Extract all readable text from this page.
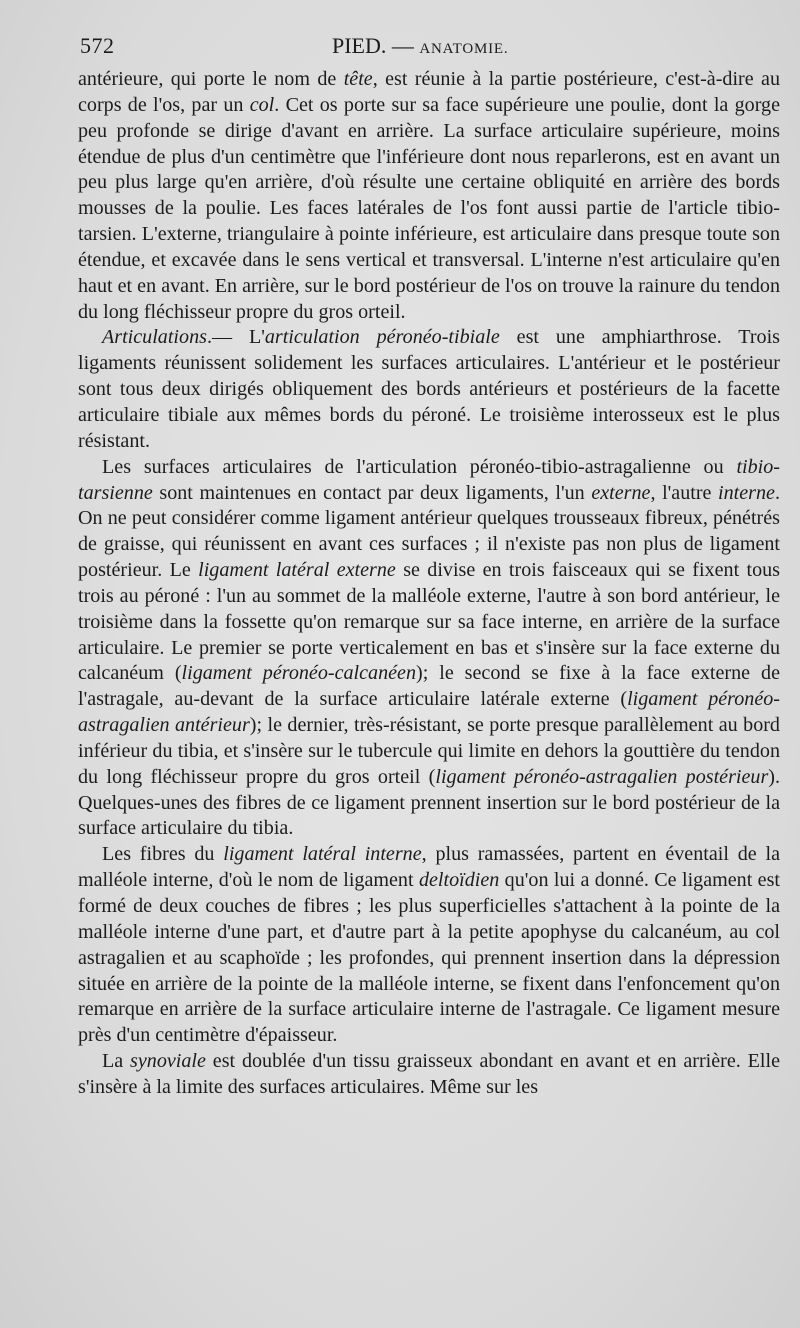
572	PIED. — ANATOMIE.

antérieure, qui porte le nom de tête, est réunie à la partie postérieure, c'est-à-dire au corps de l'os, par un col. Cet os porte sur sa face supérieure une poulie, dont la gorge peu profonde se dirige d'avant en arrière. La surface articulaire supérieure, moins étendue de plus d'un centimètre que l'inférieure dont nous reparlerons, est en avant un peu plus large qu'en arrière, d'où résulte une certaine obliquité en arrière des bords mousses de la poulie. Les faces latérales de l'os font aussi partie de l'article tibio-tarsien. L'externe, triangulaire à pointe inférieure, est articulaire dans presque toute son étendue, et excavée dans le sens vertical et transversal. L'interne n'est articulaire qu'en haut et en avant. En arrière, sur le bord postérieur de l'os on trouve la rainure du tendon du long fléchisseur propre du gros orteil.

Articulations.— L'articulation péronéo-tibiale est une amphiarthrose. Trois ligaments réunissent solidement les surfaces articulaires. L'antérieur et le postérieur sont tous deux dirigés obliquement des bords antérieurs et postérieurs de la facette articulaire tibiale aux mêmes bords du péroné. Le troisième interosseux est le plus résistant.

Les surfaces articulaires de l'articulation péronéo-tibio-astragalienne ou tibio-tarsienne sont maintenues en contact par deux ligaments, l'un externe, l'autre interne. On ne peut considérer comme ligament antérieur quelques trousseaux fibreux, pénétrés de graisse, qui réunissent en avant ces surfaces ; il n'existe pas non plus de ligament postérieur. Le ligament latéral externe se divise en trois faisceaux qui se fixent tous trois au péroné : l'un au sommet de la malléole externe, l'autre à son bord antérieur, le troisième dans la fossette qu'on remarque sur sa face interne, en arrière de la surface articulaire. Le premier se porte verticalement en bas et s'insère sur la face externe du calcanéum (ligament péronéo-calcanéen); le second se fixe à la face externe de l'astragale, au-devant de la surface articulaire latérale externe (ligament péronéo-astragalien antérieur); le dernier, très-résistant, se porte presque parallèlement au bord inférieur du tibia, et s'insère sur le tubercule qui limite en dehors la gouttière du tendon du long fléchisseur propre du gros orteil (ligament péronéo-astragalien postérieur). Quelques-unes des fibres de ce ligament prennent insertion sur le bord postérieur de la surface articulaire du tibia.

Les fibres du ligament latéral interne, plus ramassées, partent en éventail de la malléole interne, d'où le nom de ligament deltoïdien qu'on lui a donné. Ce ligament est formé de deux couches de fibres ; les plus superficielles s'attachent à la pointe de la malléole interne d'une part, et d'autre part à la petite apophyse du calcanéum, au col astragalien et au scaphoïde ; les profondes, qui prennent insertion dans la dépression située en arrière de la pointe de la malléole interne, se fixent dans l'enfoncement qu'on remarque en arrière de la surface articulaire interne de l'astragale. Ce ligament mesure près d'un centimètre d'épaisseur.

La synoviale est doublée d'un tissu graisseux abondant en avant et en arrière. Elle s'insère à la limite des surfaces articulaires. Même sur les
